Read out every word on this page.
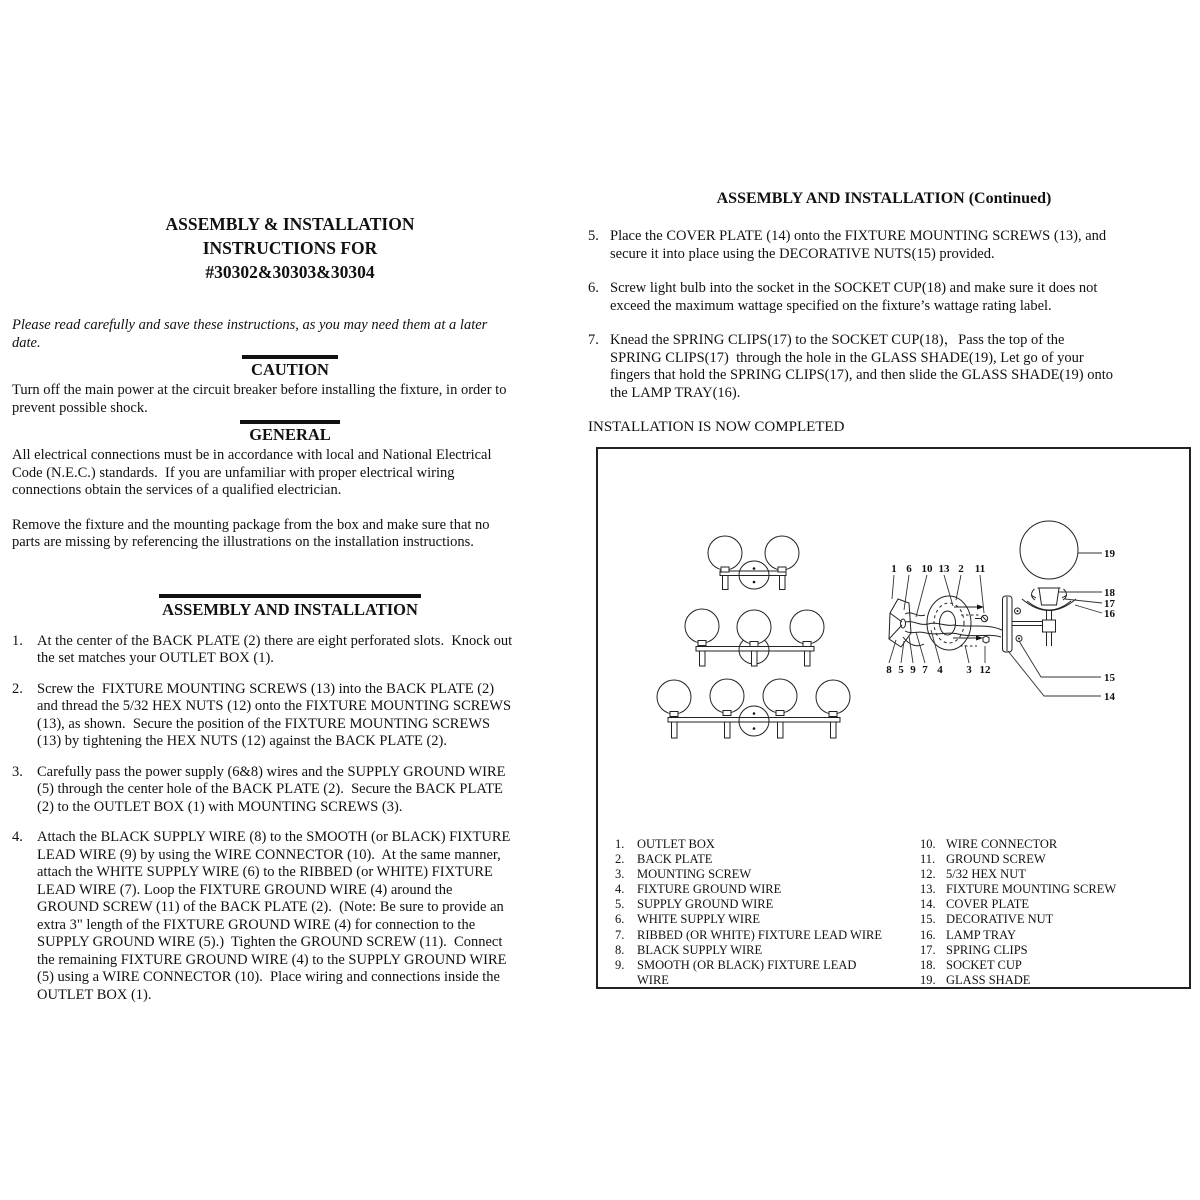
ASSEMBLY & INSTALLATION
INSTRUCTIONS FOR
#30302&30303&30304
Please read carefully and save these instructions, as you may need them at a later
date.
CAUTION
Turn off the main power at the circuit breaker before installing the fixture, in order to
prevent possible shock.
GENERAL
All electrical connections must be in accordance with local and National Electrical
Code (N.E.C.) standards.  If you are unfamiliar with proper electrical wiring
connections obtain the services of a qualified electrician.
Remove the fixture and the mounting package from the box and make sure that no
parts are missing by referencing the illustrations on the installation instructions.
ASSEMBLY AND INSTALLATION
1. At the center of the BACK PLATE (2) there are eight perforated slots.  Knock out
the set matches your OUTLET BOX (1).
2. Screw the  FIXTURE MOUNTING SCREWS (13) into the BACK PLATE (2)
and thread the 5/32 HEX NUTS (12) onto the FIXTURE MOUNTING SCREWS
(13), as shown.  Secure the position of the FIXTURE MOUNTING SCREWS
(13) by tightening the HEX NUTS (12) against the BACK PLATE (2).
3. Carefully pass the power supply (6&8) wires and the SUPPLY GROUND WIRE
(5) through the center hole of the BACK PLATE (2).  Secure the BACK PLATE
(2) to the OUTLET BOX (1) with MOUNTING SCREWS (3).
4. Attach the BLACK SUPPLY WIRE (8) to the SMOOTH (or BLACK) FIXTURE
LEAD WIRE (9) by using the WIRE CONNECTOR (10).  At the same manner,
attach the WHITE SUPPLY WIRE (6) to the RIBBED (or WHITE) FIXTURE
LEAD WIRE (7). Loop the FIXTURE GROUND WIRE (4) around the
GROUND SCREW (11) of the BACK PLATE (2).  (Note: Be sure to provide an
extra 3" length of the FIXTURE GROUND WIRE (4) for connection to the
SUPPLY GROUND WIRE (5).)  Tighten the GROUND SCREW (11).  Connect
the remaining FIXTURE GROUND WIRE (4) to the SUPPLY GROUND WIRE
(5) using a WIRE CONNECTOR (10).  Place wiring and connections inside the
OUTLET BOX (1).
ASSEMBLY AND INSTALLATION (Continued)
5. Place the COVER PLATE (14) onto the FIXTURE MOUNTING SCREWS (13), and
secure it into place using the DECORATIVE NUTS(15) provided.
6. Screw light bulb into the socket in the SOCKET CUP(18) and make sure it does not
exceed the maximum wattage specified on the fixture’s wattage rating label.
7. Knead the SPRING CLIPS(17) to the SOCKET CUP(18)，Pass the top of the
SPRING CLIPS(17)  through the hole in the GLASS SHADE(19), Let go of your
fingers that hold the SPRING CLIPS(17), and then slide the GLASS SHADE(19) onto
the LAMP TRAY(16).
INSTALLATION IS NOW COMPLETED
1 6 10 13 2 11
8 5 9 7 4 3 12
19
18
17
16
15
14
1. OUTLET BOX
2. BACK PLATE
3. MOUNTING SCREW
4. FIXTURE GROUND WIRE
5. SUPPLY GROUND WIRE
6. WHITE SUPPLY WIRE
7. RIBBED (OR WHITE) FIXTURE LEAD WIRE
8. BLACK SUPPLY WIRE
9. SMOOTH (OR BLACK) FIXTURE LEAD
WIRE
10. WIRE CONNECTOR
11. GROUND SCREW
12. 5/32 HEX NUT
13. FIXTURE MOUNTING SCREW
14. COVER PLATE
15. DECORATIVE NUT
16. LAMP TRAY
17. SPRING CLIPS
18. SOCKET CUP
19. GLASS SHADE
